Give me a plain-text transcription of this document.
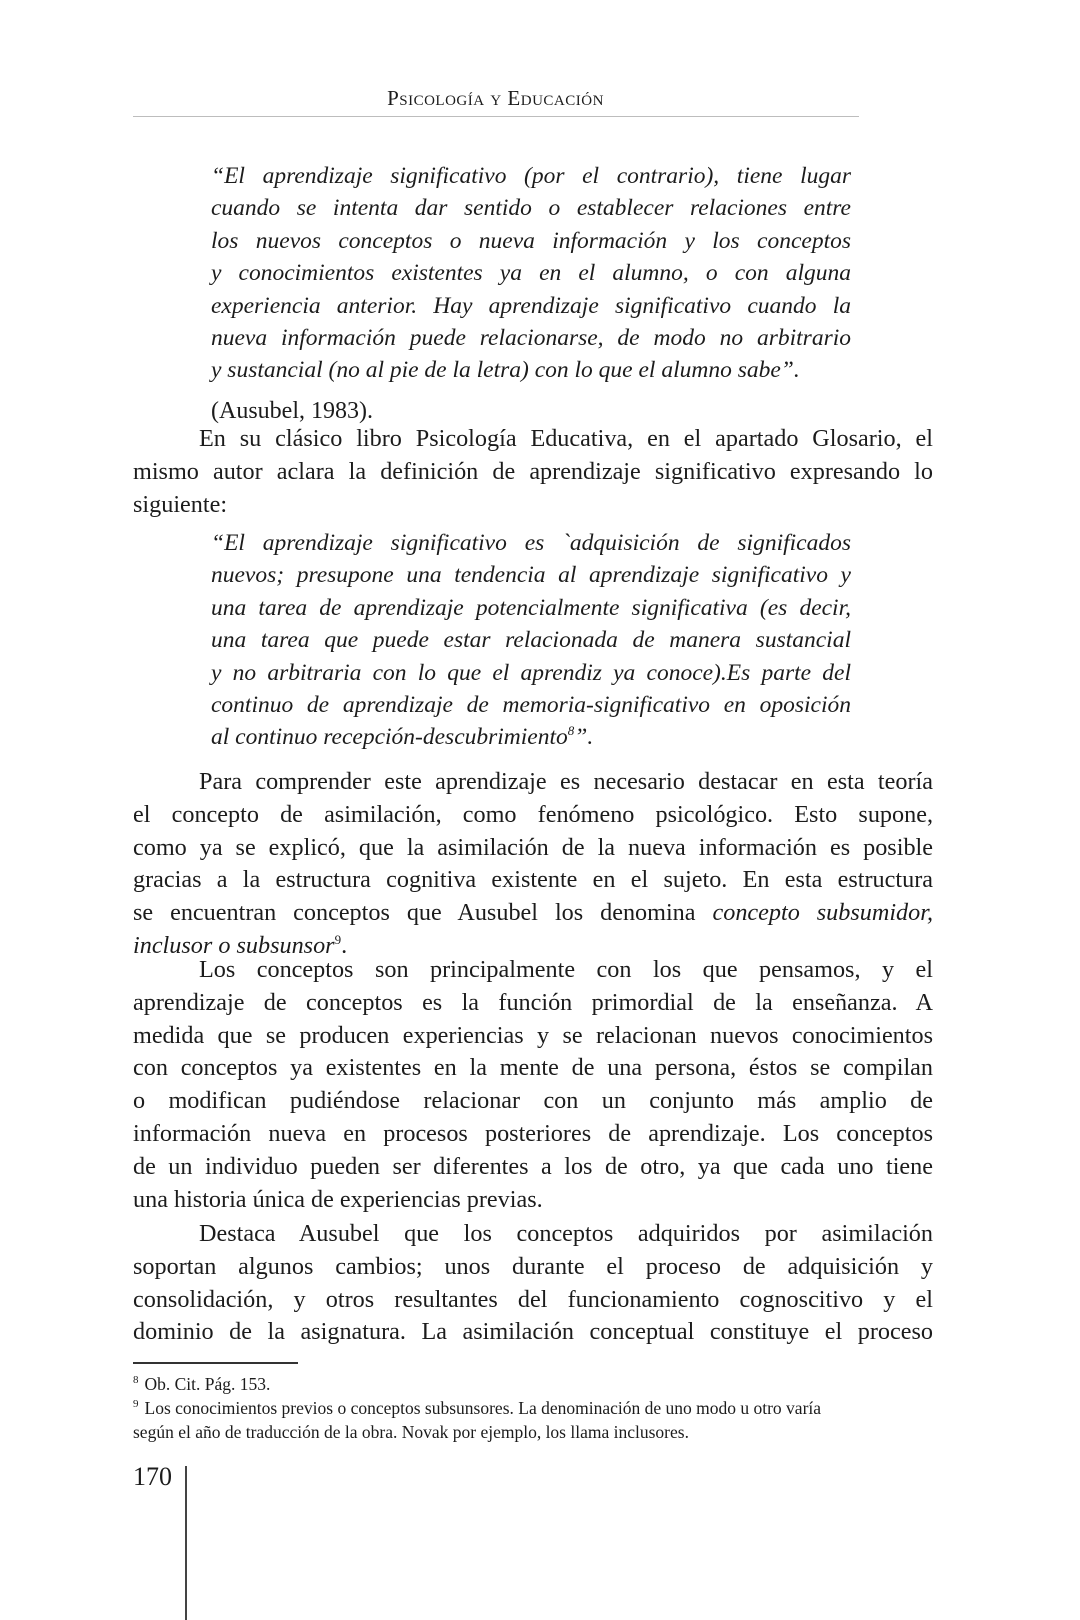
Psicología y Educación
“El aprendizaje significativo (por el contrario), tiene lugar
cuando se intenta dar sentido o establecer relaciones entre
los nuevos conceptos o nueva información y los conceptos
y conocimientos existentes ya en el alumno, o con alguna
experiencia anterior. Hay aprendizaje significativo cuando la
nueva información puede relacionarse, de modo no arbitrario
y sustancial (no al pie de la letra) con lo que el alumno sabe”.
(Ausubel, 1983).
En su clásico libro Psicología Educativa, en el apartado Glosario, el
mismo autor aclara la definición de aprendizaje significativo expresando lo
siguiente:
“El aprendizaje significativo es `adquisición de significados
nuevos; presupone una tendencia al aprendizaje significativo y
una tarea de aprendizaje potencialmente significativa (es decir,
una tarea que puede estar relacionada de manera sustancial
y no arbitraria con lo que el aprendiz ya conoce).Es parte del
continuo de aprendizaje de memoria-significativo en oposición
al continuo recepción-descubrimiento$^8$”.
Para comprender este aprendizaje es necesario destacar en esta teoría
el concepto de asimilación, como fenómeno psicológico. Esto supone,
como ya se explicó, que la asimilación de la nueva información es posible
gracias a la estructura cognitiva existente en el sujeto. En esta estructura
se encuentran conceptos que Ausubel los denomina concepto subsumidor,
inclusor o subsunsor$^9$.
Los conceptos son principalmente con los que pensamos, y el
aprendizaje de conceptos es la función primordial de la enseñanza. A
medida que se producen experiencias y se relacionan nuevos conocimientos
con conceptos ya existentes en la mente de una persona, éstos se compilan
o modifican pudiéndose relacionar con un conjunto más amplio de
información nueva en procesos posteriores de aprendizaje. Los conceptos
de un individuo pueden ser diferentes a los de otro, ya que cada uno tiene
una historia única de experiencias previas.
Destaca Ausubel que los conceptos adquiridos por asimilación
soportan algunos cambios; unos durante el proceso de adquisición y
consolidación, y otros resultantes del funcionamiento cognoscitivo y el
dominio de la asignatura. La asimilación conceptual constituye el proceso
$^8$ Ob. Cit. Pág. 153.
$^9$ Los conocimientos previos o conceptos subsunsores. La denominación de uno modo u otro varía
según el año de traducción de la obra. Novak por ejemplo, los llama inclusores.
170
